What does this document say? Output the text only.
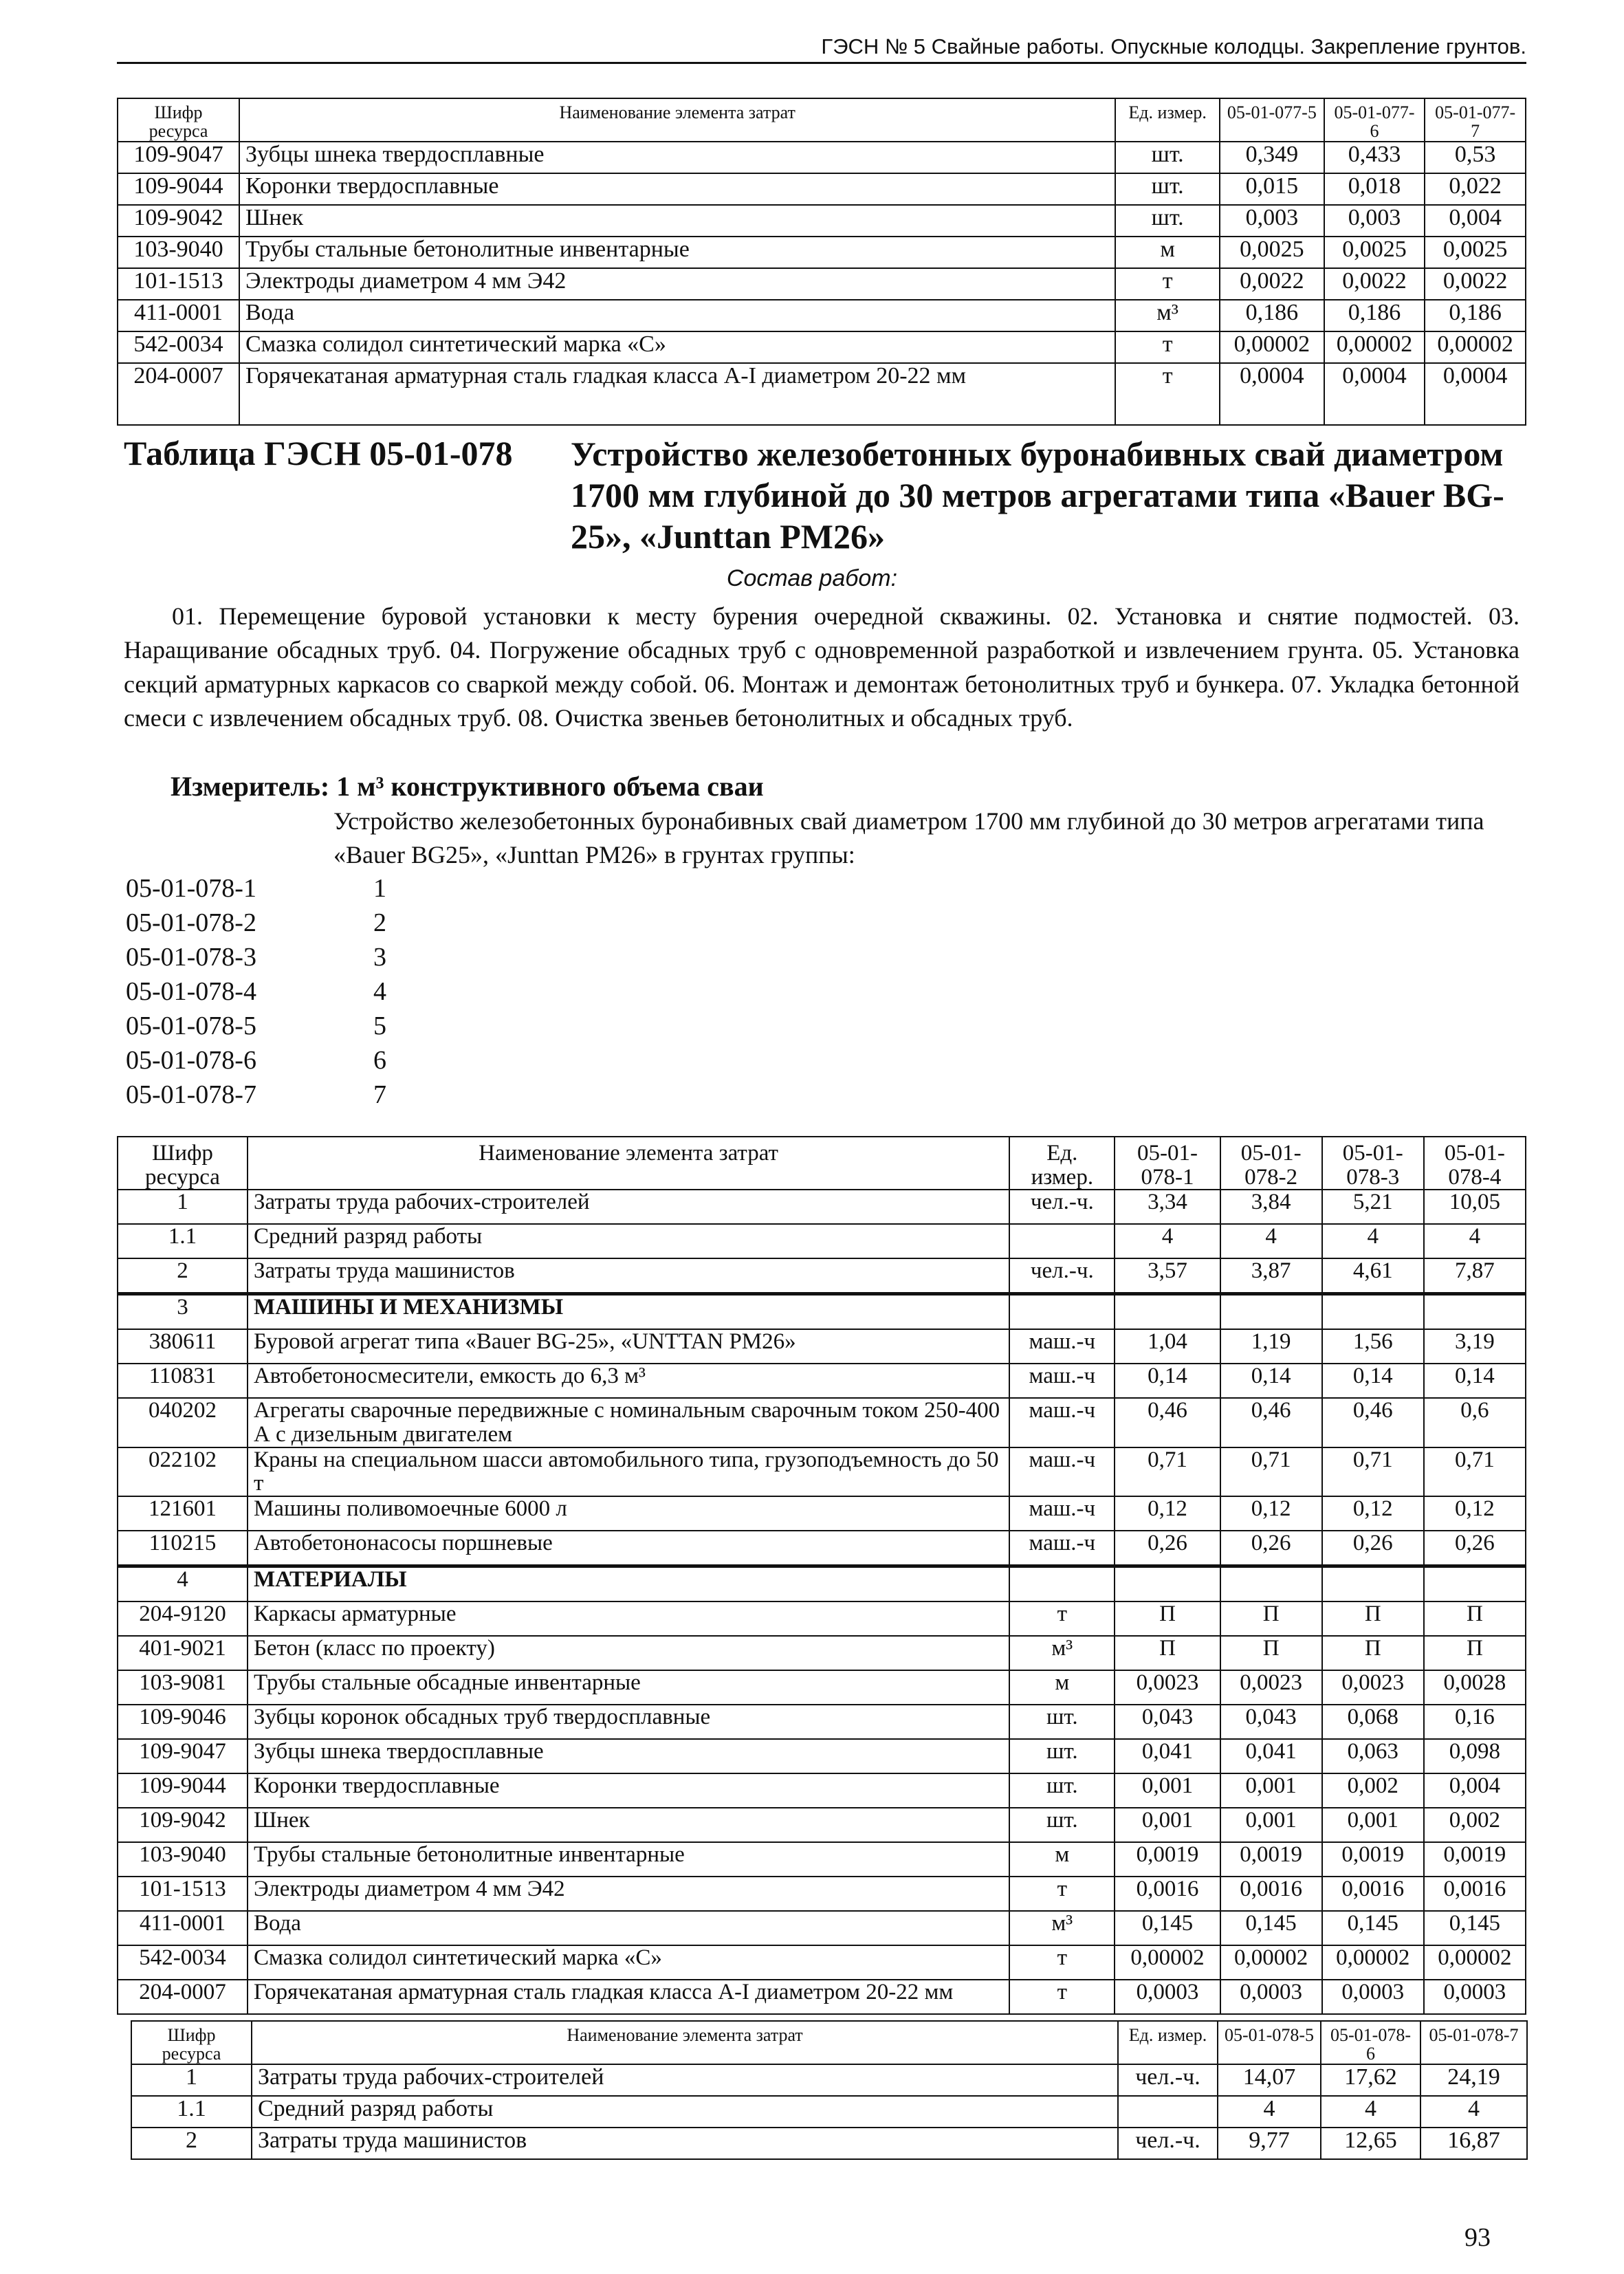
ГЭСН № 5 Свайные работы. Опускные колодцы. Закрепление грунтов.
Шифр ресурса	Наименование элемента затрат	Ед. измер.	05-01-077-5	05-01-077-6	05-01-077-7
109-9047	Зубцы шнека твердосплавные	шт.	0,349	0,433	0,53
109-9044	Коронки твердосплавные	шт.	0,015	0,018	0,022
109-9042	Шнек	шт.	0,003	0,003	0,004
103-9040	Трубы стальные бетонолитные инвентарные	м	0,0025	0,0025	0,0025
101-1513	Электроды диаметром 4 мм Э42	т	0,0022	0,0022	0,0022
411-0001	Вода	м³	0,186	0,186	0,186
542-0034	Смазка солидол синтетический марка «С»	т	0,00002	0,00002	0,00002
204-0007	Горячекатаная арматурная сталь гладкая класса А-I диаметром 20-22 мм	т	0,0004	0,0004	0,0004
Таблица ГЭСН 05-01-078 Устройство железобетонных буронабивных свай диаметром 1700 мм глубиной до 30 метров агрегатами типа «Bauer BG-25», «Junttan PM26»
Состав работ:
01. Перемещение буровой установки к месту бурения очередной скважины. 02. Установка и снятие подмостей. 03. Наращивание обсадных труб. 04. Погружение обсадных труб с одновременной разработкой и извлечением грунта. 05. Установка секций арматурных каркасов со сваркой между собой. 06. Монтаж и демонтаж бетонолитных труб и бункера. 07. Укладка бетонной смеси с извлечением обсадных труб. 08. Очистка звеньев бетонолитных и обсадных труб.
Измеритель: 1 м³ конструктивного объема сваи
Устройство железобетонных буронабивных свай диаметром 1700 мм глубиной до 30 метров агрегатами типа «Bauer BG25», «Junttan PM26» в грунтах группы:
05-01-078-1	1
05-01-078-2	2
05-01-078-3	3
05-01-078-4	4
05-01-078-5	5
05-01-078-6	6
05-01-078-7	7
Шифр ресурса	Наименование элемента затрат	Ед. измер.	05-01-078-1	05-01-078-2	05-01-078-3	05-01-078-4
1	Затраты труда рабочих-строителей	чел.-ч.	3,34	3,84	5,21	10,05
1.1	Средний разряд работы		4	4	4	4
2	Затраты труда машинистов	чел.-ч.	3,57	3,87	4,61	7,87
3	МАШИНЫ И МЕХАНИЗМЫ					
380611	Буровой агрегат типа «Bauer BG-25», «UNTTAN PM26»	маш.-ч	1,04	1,19	1,56	3,19
110831	Автобетоносмесители, емкость до 6,3 м³	маш.-ч	0,14	0,14	0,14	0,14
040202	Агрегаты сварочные передвижные с номинальным сварочным током 250-400 А с дизельным двигателем	маш.-ч	0,46	0,46	0,46	0,6
022102	Краны на специальном шасси автомобильного типа, грузоподъемность до 50 т	маш.-ч	0,71	0,71	0,71	0,71
121601	Машины поливомоечные 6000 л	маш.-ч	0,12	0,12	0,12	0,12
110215	Автобетононасосы поршневые	маш.-ч	0,26	0,26	0,26	0,26
4	МАТЕРИАЛЫ					
204-9120	Каркасы арматурные	т	П	П	П	П
401-9021	Бетон (класс по проекту)	м³	П	П	П	П
103-9081	Трубы стальные обсадные инвентарные	м	0,0023	0,0023	0,0023	0,0028
109-9046	Зубцы коронок обсадных труб твердосплавные	шт.	0,043	0,043	0,068	0,16
109-9047	Зубцы шнека твердосплавные	шт.	0,041	0,041	0,063	0,098
109-9044	Коронки твердосплавные	шт.	0,001	0,001	0,002	0,004
109-9042	Шнек	шт.	0,001	0,001	0,001	0,002
103-9040	Трубы стальные бетонолитные инвентарные	м	0,0019	0,0019	0,0019	0,0019
101-1513	Электроды диаметром 4 мм Э42	т	0,0016	0,0016	0,0016	0,0016
411-0001	Вода	м³	0,145	0,145	0,145	0,145
542-0034	Смазка солидол синтетический марка «С»	т	0,00002	0,00002	0,00002	0,00002
204-0007	Горячекатаная арматурная сталь гладкая класса А-I диаметром 20-22 мм	т	0,0003	0,0003	0,0003	0,0003
Шифр ресурса	Наименование элемента затрат	Ед. измер.	05-01-078-5	05-01-078-6	05-01-078-7
1	Затраты труда рабочих-строителей	чел.-ч.	14,07	17,62	24,19
1.1	Средний разряд работы		4	4	4
2	Затраты труда машинистов	чел.-ч.	9,77	12,65	16,87
93
